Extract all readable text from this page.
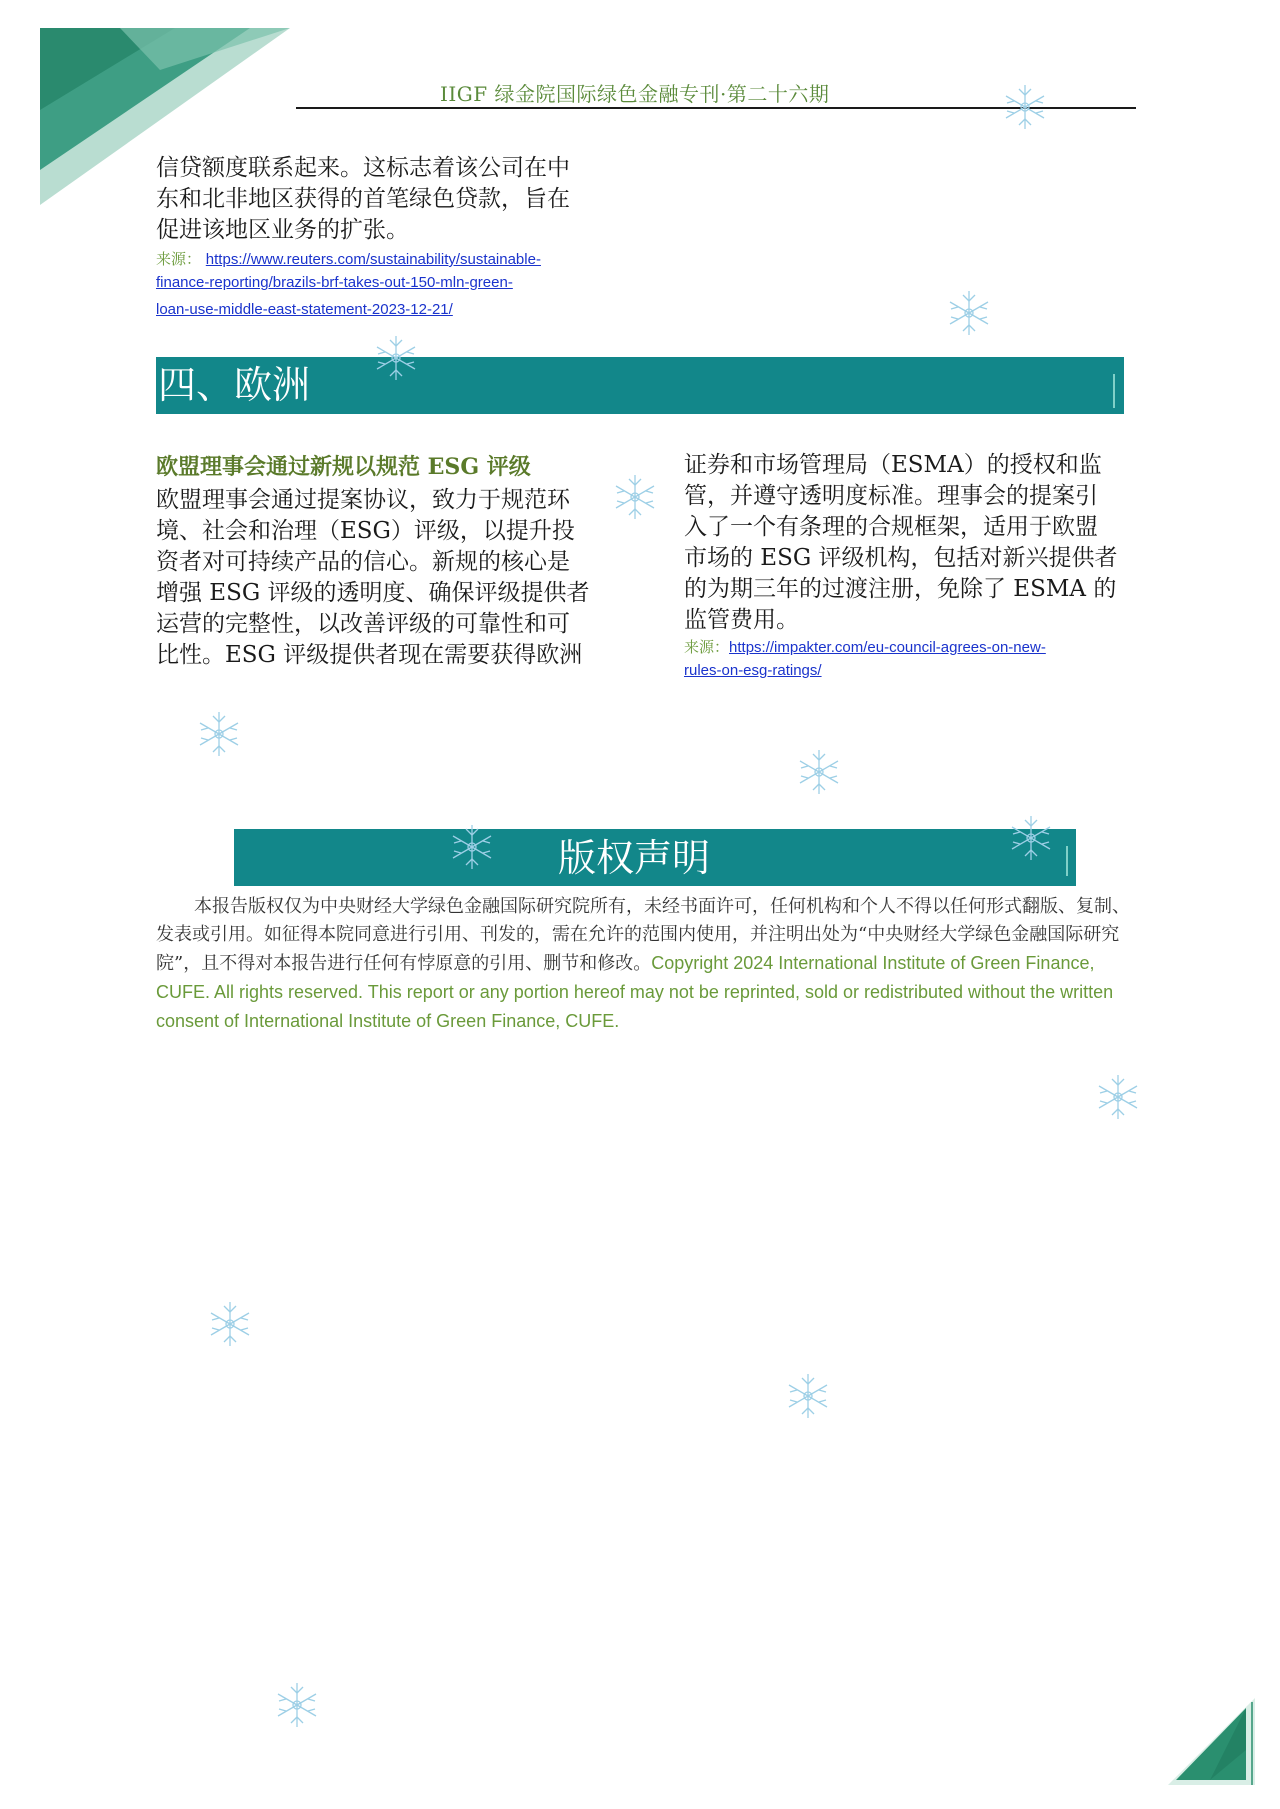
IIGF 绿金院国际绿色金融专刊·第二十六期
信贷额度联系起来。这标志着该公司在中
东和北非地区获得的首笔绿色贷款，旨在
促进该地区业务的扩张。
来源： https://www.reuters.com/sustainability/sustainable-
finance-reporting/brazils-brf-takes-out-150-mln-green-
loan-use-middle-east-statement-2023-12-21/
四、欧洲
欧盟理事会通过新规以规范 ESG 评级
欧盟理事会通过提案协议，致力于规范环
境、社会和治理（ESG）评级，以提升投
资者对可持续产品的信心。新规的核心是
增强 ESG 评级的透明度、确保评级提供者
运营的完整性，以改善评级的可靠性和可
比性。ESG 评级提供者现在需要获得欧洲
证券和市场管理局（ESMA）的授权和监
管，并遵守透明度标准。理事会的提案引
入了一个有条理的合规框架，适用于欧盟
市场的 ESG 评级机构，包括对新兴提供者
的为期三年的过渡注册，免除了 ESMA 的
监管费用。
来源：https://impakter.com/eu-council-agrees-on-new-
rules-on-esg-ratings/
版权声明
本报告版权仅为中央财经大学绿色金融国际研究院所有，未经书面许可，任何机构和个人不得以任何形式翻版、复制、发表或引用。如征得本院同意进行引用、刊发的，需在允许的范围内使用，并注明出处为“中央财经大学绿色金融国际研究院”，且不得对本报告进行任何有悖原意的引用、删节和修改。Copyright 2024 International Institute of Green Finance, CUFE. All rights reserved. This report or any portion hereof may not be reprinted, sold or redistributed without the written consent of International Institute of Green Finance, CUFE.
